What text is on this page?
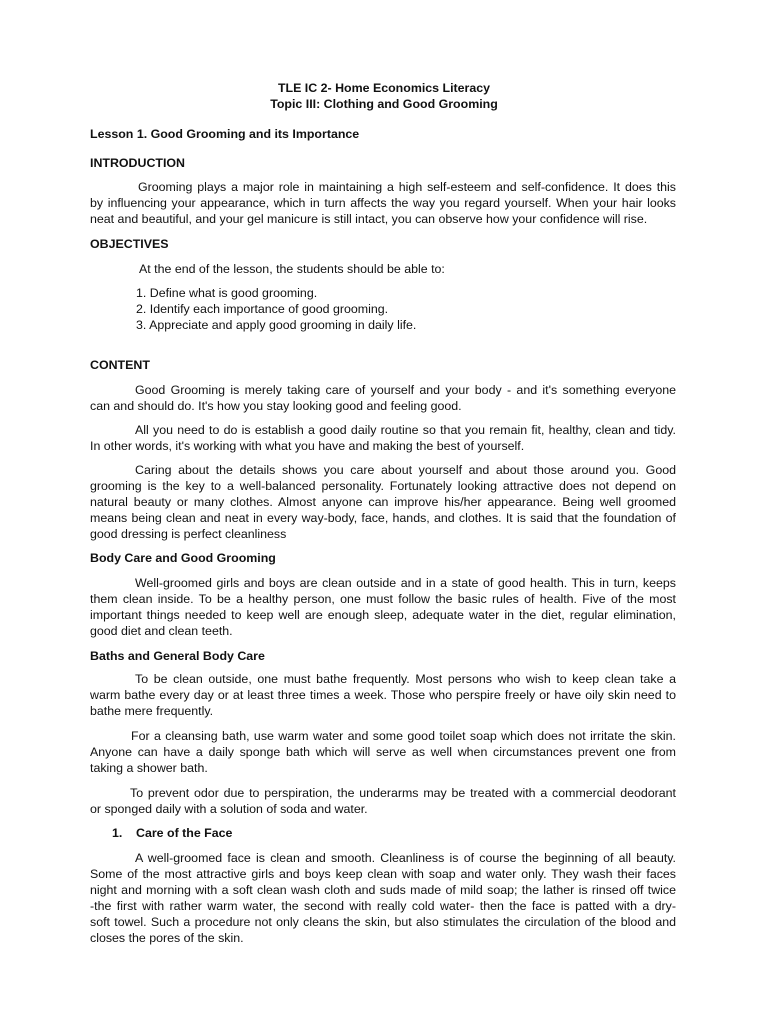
TLE IC 2- Home Economics Literacy
Topic III: Clothing and Good Grooming
Lesson 1. Good Grooming and its Importance
INTRODUCTION
Grooming plays a major role in maintaining a high self-esteem and self-confidence. It does this
by influencing your appearance, which in turn affects the way you regard yourself. When your hair looks
neat and beautiful, and your gel manicure is still intact, you can observe how your confidence will rise.
OBJECTIVES
At the end of the lesson, the students should be able to:
1. Define what is good grooming.
2. Identify each importance of good grooming.
3. Appreciate and apply good grooming in daily life.
CONTENT
Good Grooming is merely taking care of yourself and your body - and it's something everyone
can and should do. It's how you stay looking good and feeling good.
All you need to do is establish a good daily routine so that you remain fit, healthy, clean and tidy.
In other words, it's working with what you have and making the best of yourself.
Caring about the details shows you care about yourself and about those around you. Good
grooming is the key to a well-balanced personality. Fortunately looking attractive does not depend on
natural beauty or many clothes. Almost anyone can improve his/her appearance. Being well groomed
means being clean and neat in every way-body, face, hands, and clothes. It is said that the foundation of
good dressing is perfect cleanliness
Body Care and Good Grooming
Well-groomed girls and boys are clean outside and in a state of good health. This in turn, keeps
them clean inside. To be a healthy person, one must follow the basic rules of health. Five of the most
important things needed to keep well are enough sleep, adequate water in the diet, regular elimination,
good diet and clean teeth.
Baths and General Body Care
To be clean outside, one must bathe frequently. Most persons who wish to keep clean take a
warm bathe every day or at least three times a week. Those who perspire freely or have oily skin need to
bathe mere frequently.
For a cleansing bath, use warm water and some good toilet soap which does not irritate the skin.
Anyone can have a daily sponge bath which will serve as well when circumstances prevent one from
taking a shower bath.
To prevent odor due to perspiration, the underarms may be treated with a commercial deodorant
or sponged daily with a solution of soda and water.
1. Care of the Face
A well-groomed face is clean and smooth. Cleanliness is of course the beginning of all beauty.
Some of the most attractive girls and boys keep clean with soap and water only. They wash their faces
night and morning with a soft clean wash cloth and suds made of mild soap; the lather is rinsed off twice
-the first with rather warm water, the second with really cold water- then the face is patted with a dry-
soft towel. Such a procedure not only cleans the skin, but also stimulates the circulation of the blood and
closes the pores of the skin.
